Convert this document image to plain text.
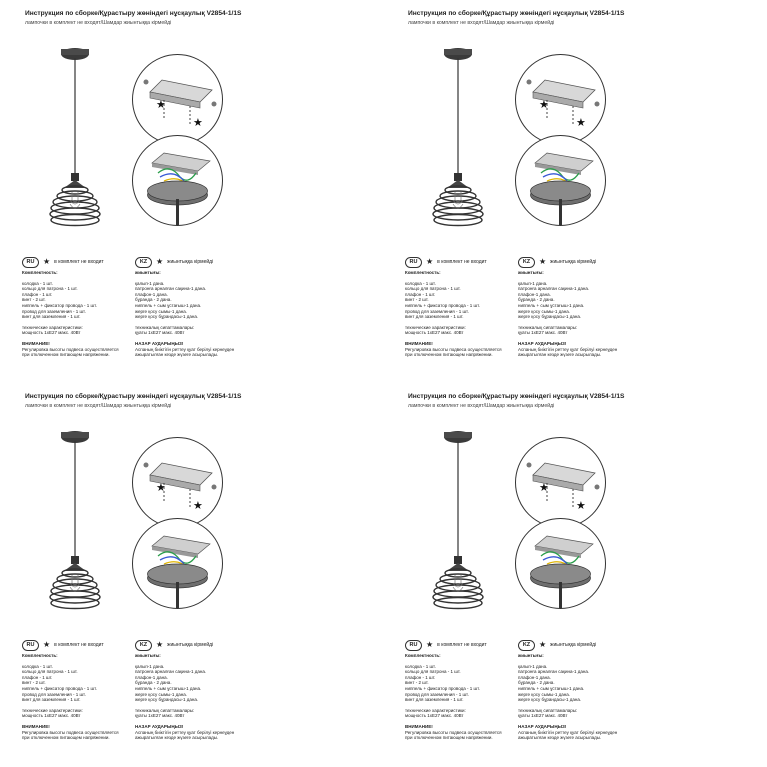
Инструкция по сборке/Құрастыру жөніндегі нұсқаулық V2854-1/1S
лампочки в комплект не входят/Шамдар жиынтыққа кірмейді
★
★
RU	★ в комплект не входит	KZ	★ жиынтыққа кірмейді
Комплектность:
колодка - 1 шт.
кольцо для патрона - 1 шт.
плафон - 1 шт.
винт - 2 шт.
ниппель + фиксатор провода - 1 шт.
провод для заземления - 1 шт.
винт для заземления - 1 шт.
технические характеристики:
мощность 1хE27 макс. 40Вт
ВНИМАНИЕ!
Регулировка высоты подвеса осуществляется
при отключенном питающем напряжении.
жиынтығы:
қалып-1 дана.
патронға арналған сақина-1 дана.
плафон-1 дана.
бұранда - 2 дана.
ниппель + сым ұстағыш-1 дана.
жерге қосу сымы-1 дана.
жерге қосу бұрандасы-1 дана.
техникалық сипаттамалары:
қуаты 1хE27 макс. 40Вт
НАЗАР АУДАРЫҢЫЗ!
Аспаның биіктігін реттеу қуат берілуі кернеуден
ажыратылған кезде жүзеге асырылады.
Инструкция по сборке/Құрастыру жөніндегі нұсқаулық V2854-1/1S
лампочки в комплект не входят/Шамдар жиынтыққа кірмейді
★
★
RU	★ в комплект не входит	KZ	★ жиынтыққа кірмейді
Комплектность:
колодка - 1 шт.
кольцо для патрона - 1 шт.
плафон - 1 шт.
винт - 2 шт.
ниппель + фиксатор провода - 1 шт.
провод для заземления - 1 шт.
винт для заземления - 1 шт.
технические характеристики:
мощность 1хE27 макс. 40Вт
ВНИМАНИЕ!
Регулировка высоты подвеса осуществляется
при отключенном питающем напряжении.
жиынтығы:
қалып-1 дана.
патронға арналған сақина-1 дана.
плафон-1 дана.
бұранда - 2 дана.
ниппель + сым ұстағыш-1 дана.
жерге қосу сымы-1 дана.
жерге қосу бұрандасы-1 дана.
техникалық сипаттамалары:
қуаты 1хE27 макс. 40Вт
НАЗАР АУДАРЫҢЫЗ!
Аспаның биіктігін реттеу қуат берілуі кернеуден
ажыратылған кезде жүзеге асырылады.
Инструкция по сборке/Құрастыру жөніндегі нұсқаулық V2854-1/1S
лампочки в комплект не входят/Шамдар жиынтыққа кірмейді
★
★
RU	★ в комплект не входит	KZ	★ жиынтыққа кірмейді
Комплектность:
колодка - 1 шт.
кольцо для патрона - 1 шт.
плафон - 1 шт.
винт - 2 шт.
ниппель + фиксатор провода - 1 шт.
провод для заземления - 1 шт.
винт для заземления - 1 шт.
технические характеристики:
мощность 1хE27 макс. 40Вт
ВНИМАНИЕ!
Регулировка высоты подвеса осуществляется
при отключенном питающем напряжении.
жиынтығы:
қалып-1 дана.
патронға арналған сақина-1 дана.
плафон-1 дана.
бұранда - 2 дана.
ниппель + сым ұстағыш-1 дана.
жерге қосу сымы-1 дана.
жерге қосу бұрандасы-1 дана.
техникалық сипаттамалары:
қуаты 1хE27 макс. 40Вт
НАЗАР АУДАРЫҢЫЗ!
Аспаның биіктігін реттеу қуат берілуі кернеуден
ажыратылған кезде жүзеге асырылады.
Инструкция по сборке/Құрастыру жөніндегі нұсқаулық V2854-1/1S
лампочки в комплект не входят/Шамдар жиынтыққа кірмейді
★
★
RU	★ в комплект не входит	KZ	★ жиынтыққа кірмейді
Комплектность:
колодка - 1 шт.
кольцо для патрона - 1 шт.
плафон - 1 шт.
винт - 2 шт.
ниппель + фиксатор провода - 1 шт.
провод для заземления - 1 шт.
винт для заземления - 1 шт.
технические характеристики:
мощность 1хE27 макс. 40Вт
ВНИМАНИЕ!
Регулировка высоты подвеса осуществляется
при отключенном питающем напряжении.
жиынтығы:
қалып-1 дана.
патронға арналған сақина-1 дана.
плафон-1 дана.
бұранда - 2 дана.
ниппель + сым ұстағыш-1 дана.
жерге қосу сымы-1 дана.
жерге қосу бұрандасы-1 дана.
техникалық сипаттамалары:
қуаты 1хE27 макс. 40Вт
НАЗАР АУДАРЫҢЫЗ!
Аспаның биіктігін реттеу қуат берілуі кернеуден
ажыратылған кезде жүзеге асырылады.
